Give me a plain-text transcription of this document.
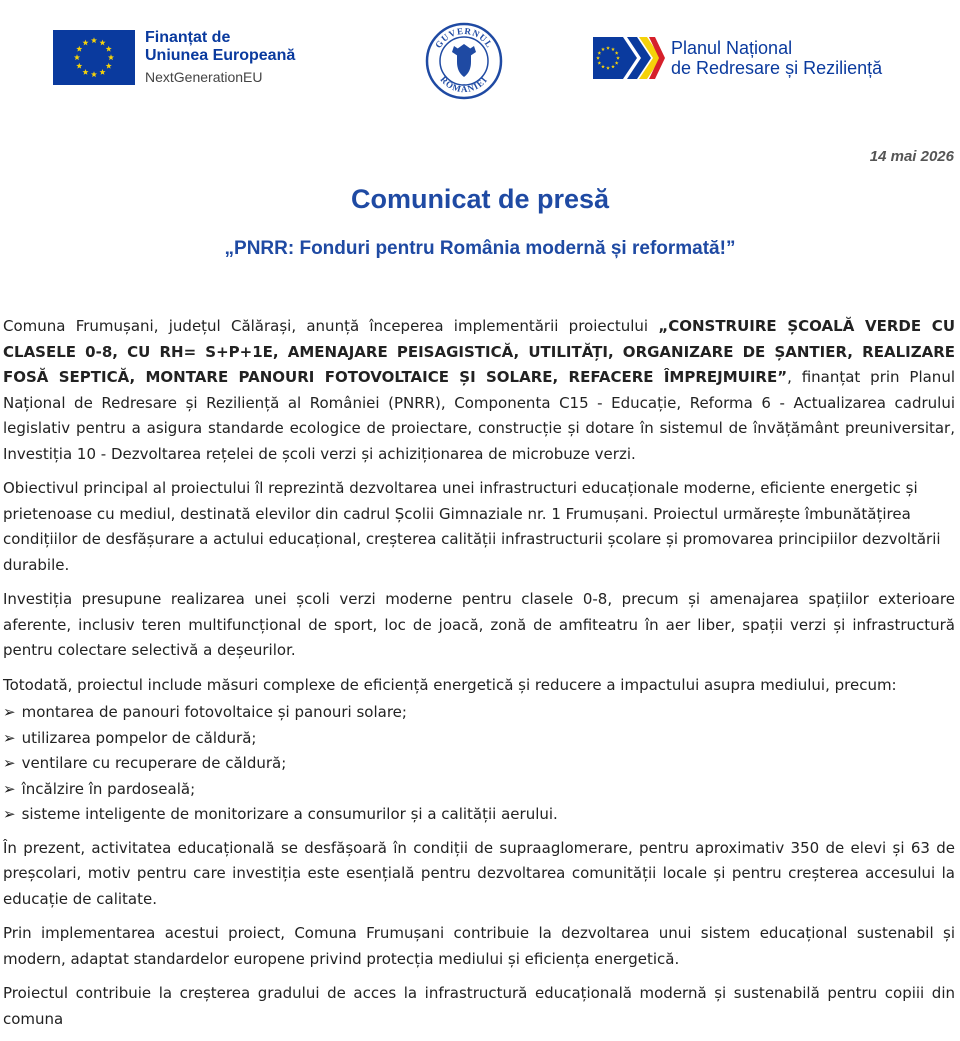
Finanțat de
Uniunea Europeană
NextGenerationEU
GUVERNUL
ROMÂNIEI
Planul Național
de Redresare și Reziliență
14 mai 2026
Comunicat de presă
„PNRR: Fonduri pentru România modernă și reformată!”

Comuna Frumușani, județul Călărași, anunță începerea implementării proiectului „CONSTRUIRE ȘCOALĂ VERDE CU CLASELE 0-8, CU RH= S+P+1E, AMENAJARE PEISAGISTICĂ, UTILITĂȚI, ORGANIZARE DE ȘANTIER, REALIZARE FOSĂ SEPTICĂ, MONTARE PANOURI FOTOVOLTAICE ȘI SOLARE, REFACERE ÎMPREJMUIRE”, finanțat prin Planul Național de Redresare și Reziliență al României (PNRR), Componenta C15 - Educație, Reforma 6 - Actualizarea cadrului legislativ pentru a asigura standarde ecologice de proiectare, construcție și dotare în sistemul de învățământ preuniversitar, Investiția 10 - Dezvoltarea rețelei de școli verzi și achiziționarea de microbuze verzi.

Obiectivul principal al proiectului îl reprezintă dezvoltarea unei infrastructuri educaționale moderne, eficiente energetic și prietenoase cu mediul, destinată elevilor din cadrul Școlii Gimnaziale nr. 1 Frumușani. Proiectul urmărește îmbunătățirea condițiilor de desfășurare a actului educațional, creșterea calității infrastructurii școlare și promovarea principiilor dezvoltării durabile.

Investiția presupune realizarea unei școli verzi moderne pentru clasele 0-8, precum și amenajarea spațiilor exterioare aferente, inclusiv teren multifuncțional de sport, loc de joacă, zonă de amfiteatru în aer liber, spații verzi și infrastructură pentru colectare selectivă a deșeurilor.

Totodată, proiectul include măsuri complexe de eficiență energetică și reducere a impactului asupra mediului, precum:

➢ montarea de panouri fotovoltaice și panouri solare;
➢ utilizarea pompelor de căldură;
➢ ventilare cu recuperare de căldură;
➢ încălzire în pardoseală;
➢ sisteme inteligente de monitorizare a consumurilor și a calității aerului.

În prezent, activitatea educațională se desfășoară în condiții de supraaglomerare, pentru aproximativ 350 de elevi și 63 de preșcolari, motiv pentru care investiția este esențială pentru dezvoltarea comunității locale și pentru creșterea accesului la educație de calitate.

Prin implementarea acestui proiect, Comuna Frumușani contribuie la dezvoltarea unui sistem educațional sustenabil și modern, adaptat standardelor europene privind protecția mediului și eficiența energetică.

Proiectul contribuie la creșterea gradului de acces la infrastructură educațională modernă și sustenabilă pentru copiii din comuna
